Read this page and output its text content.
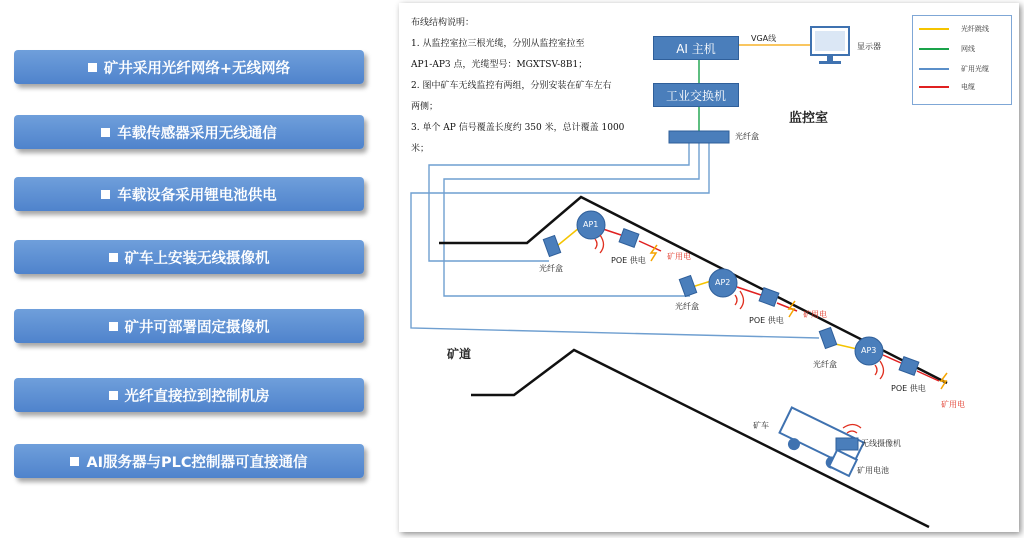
矿井采用光纤网络+无线网络
车载传感器采用无线通信
车载设备采用锂电池供电
矿车上安装无线摄像机
矿井可部署固定摄像机
光纤直接拉到控制机房
AI服务器与PLC控制器可直接通信
布线结构说明：
1. 从监控室拉三根光缆，分别从监控室拉至
AP1-AP3 点，光缆型号：MGXTSV-8B1；
2. 图中矿车无线监控有两组，分别安装在矿车左右
两侧；
3. 单个 AP 信号覆盖长度约 350 米，总计覆盖 1000
米；
AI 主机
工业交换机
VGA线
显示器
光纤盒
监控室
矿道
AP1
AP2
AP3
光纤盒
光纤盒
光纤盒
POE 供电
POE 供电
POE 供电
矿用电
矿用电
矿用电
矿车
无线摄像机
矿用电池
光纤跳线
网线
矿用光缆
电缆
